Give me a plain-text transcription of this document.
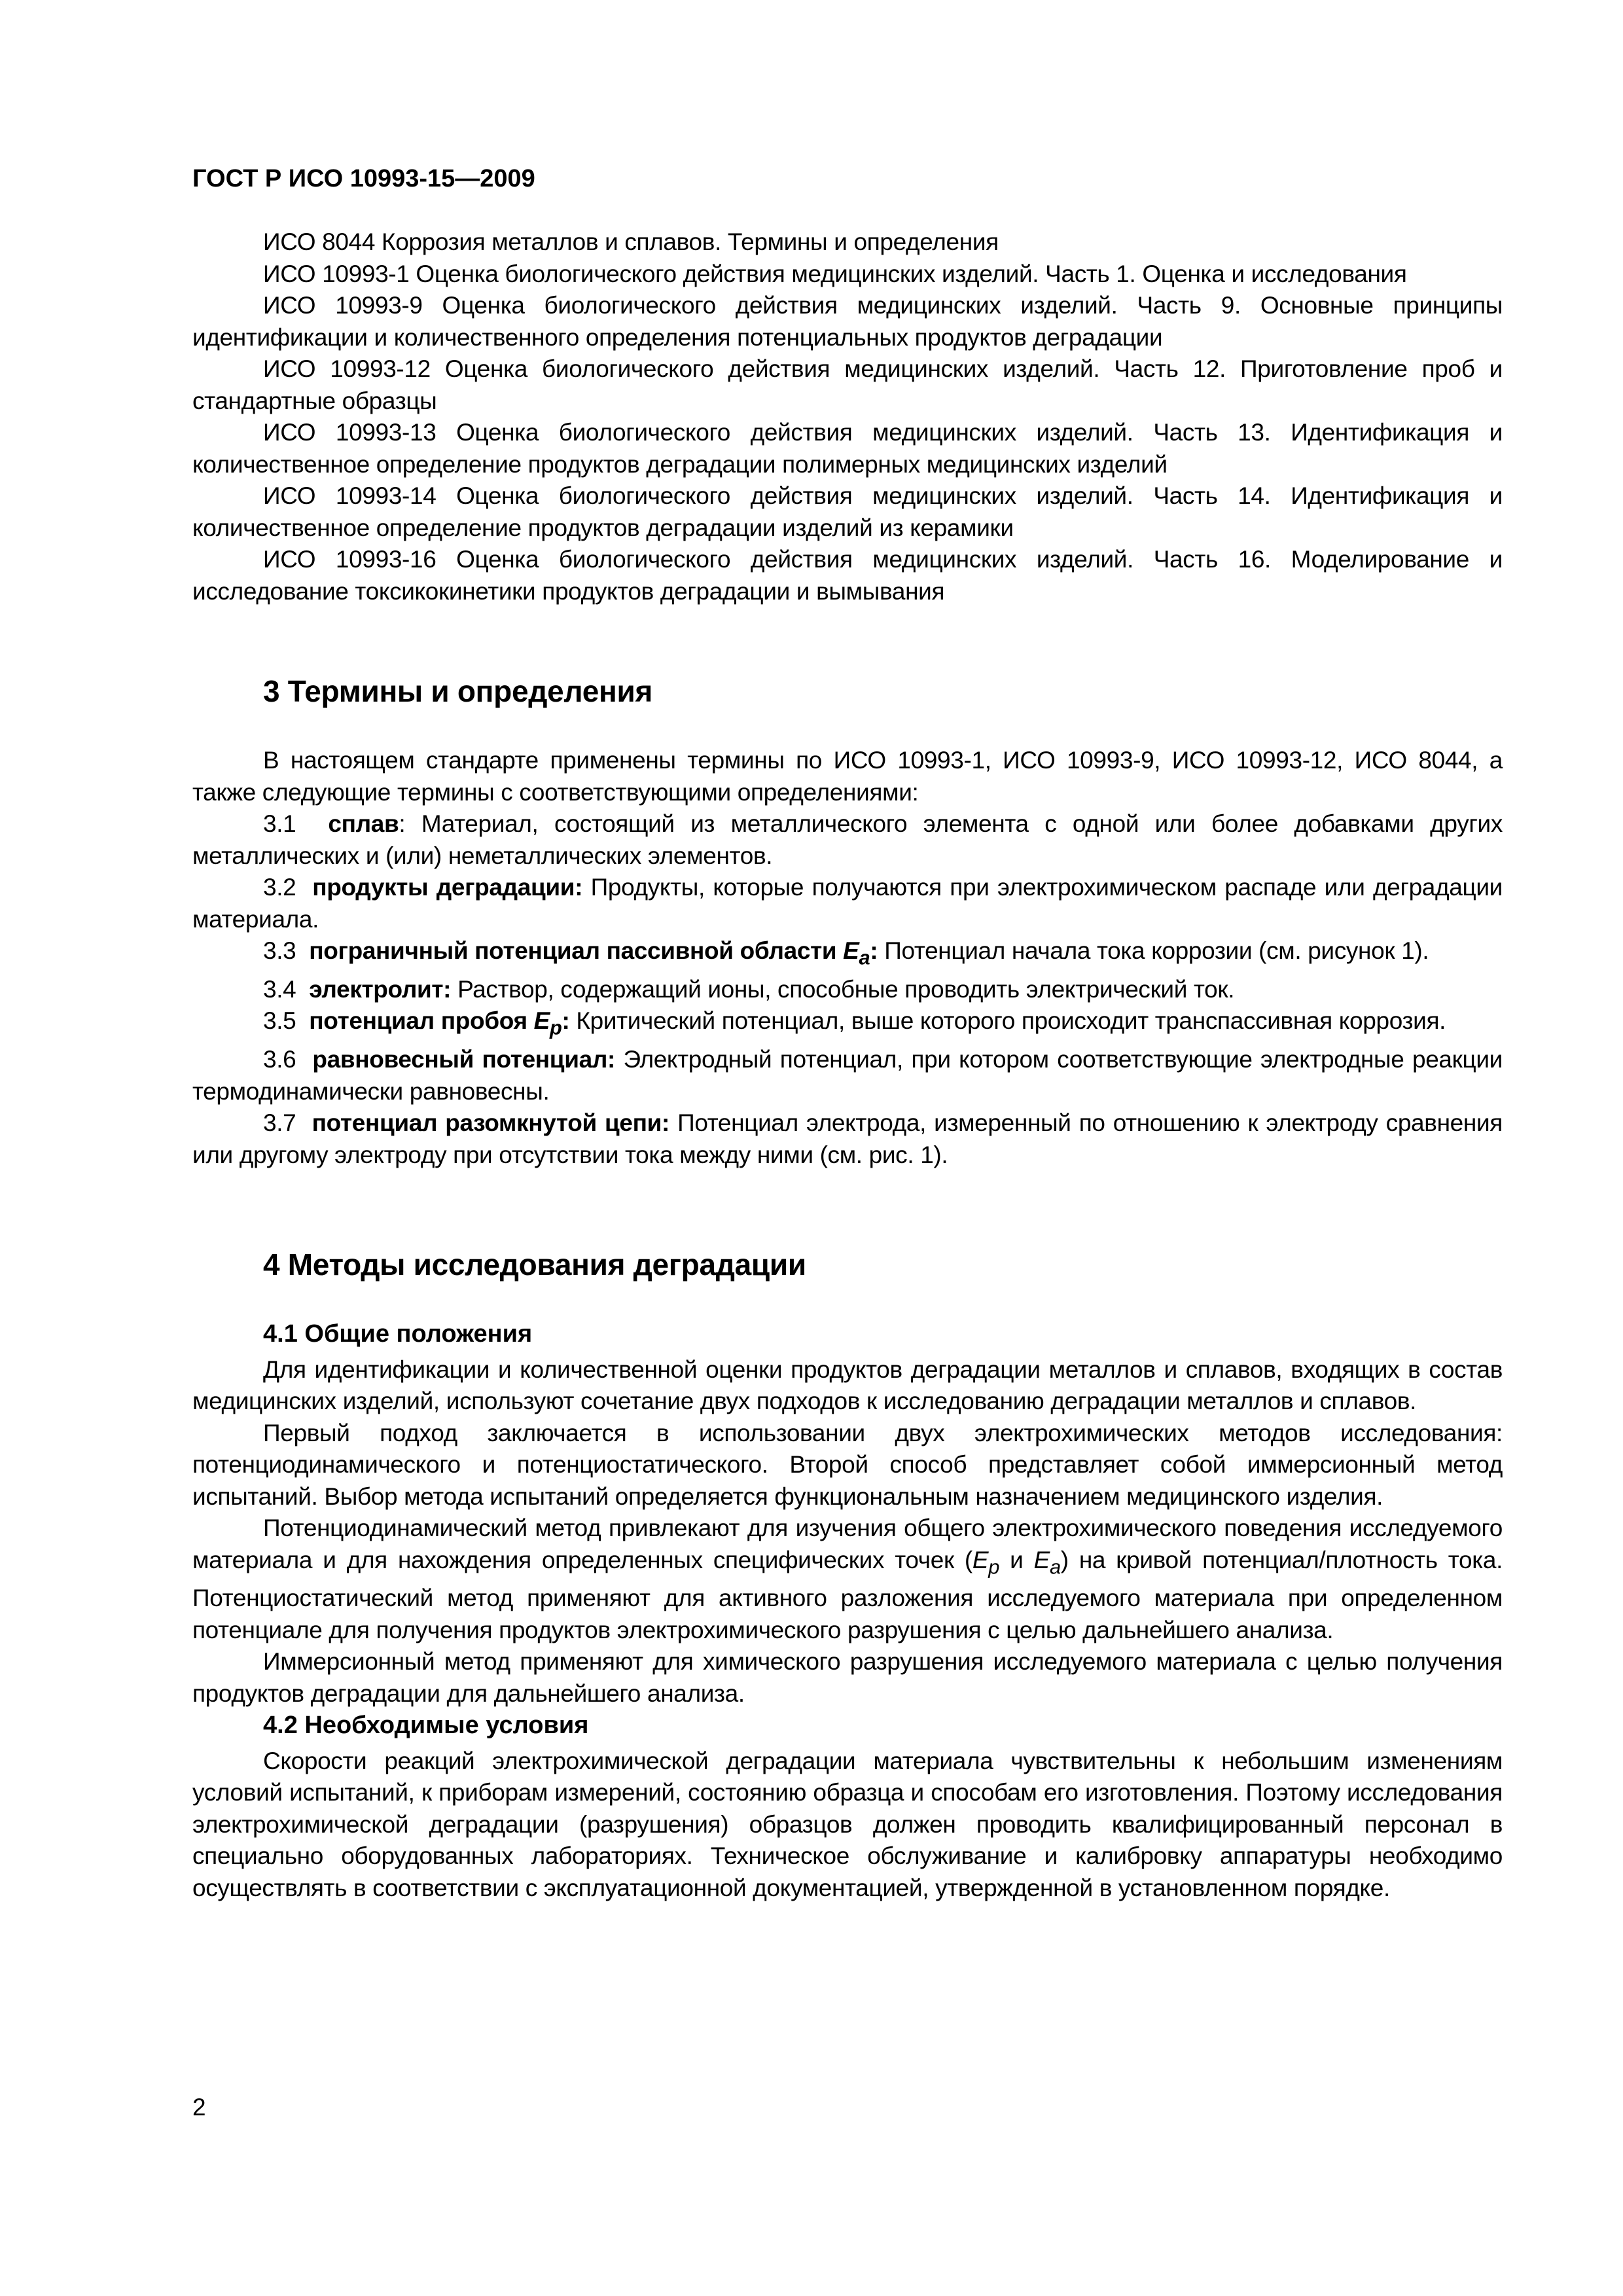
ГОСТ Р ИСО 10993-15—2009

ИСО 8044 Коррозия металлов и сплавов. Термины и определения

ИСО 10993-1 Оценка биологического действия медицинских изделий. Часть 1. Оценка и исследования

ИСО 10993-9 Оценка биологического действия медицинских изделий. Часть 9. Основные принципы идентификации и количественного определения потенциальных продуктов деградации

ИСО 10993-12 Оценка биологического действия медицинских изделий. Часть 12. Приготовление проб и стандартные образцы

ИСО 10993-13 Оценка биологического действия медицинских изделий. Часть 13. Идентификация и количественное определение продуктов деградации полимерных медицинских изделий

ИСО 10993-14 Оценка биологического действия медицинских изделий. Часть 14. Идентификация и количественное определение продуктов деградации изделий из керамики

ИСО 10993-16 Оценка биологического действия медицинских изделий. Часть 16. Моделирование и исследование токсикокинетики продуктов деградации и вымывания

3 Термины и определения

В настоящем стандарте применены термины по ИСО 10993-1, ИСО 10993-9, ИСО 10993-12, ИСО 8044, а также следующие термины с соответствующими определениями:

3.1 сплав: Материал, состоящий из металлического элемента с одной или более добавками других металлических и (или) неметаллических элементов.

3.2 продукты деградации: Продукты, которые получаются при электрохимическом распаде или деградации материала.

3.3 пограничный потенциал пассивной области $E_a$: Потенциал начала тока коррозии (см. рисунок 1).

3.4 электролит: Раствор, содержащий ионы, способные проводить электрический ток.

3.5 потенциал пробоя $E_p$: Критический потенциал, выше которого происходит транспассивная коррозия.

3.6 равновесный потенциал: Электродный потенциал, при котором соответствующие электродные реакции термодинамически равновесны.

3.7 потенциал разомкнутой цепи: Потенциал электрода, измеренный по отношению к электроду сравнения или другому электроду при отсутствии тока между ними (см. рис. 1).

4 Методы исследования деградации
4.1 Общие положения

Для идентификации и количественной оценки продуктов деградации металлов и сплавов, входящих в состав медицинских изделий, используют сочетание двух подходов к исследованию деградации металлов и сплавов.

Первый подход заключается в использовании двух электрохимических методов исследования: потенциодинамического и потенциостатического. Второй способ представляет собой иммерсионный метод испытаний. Выбор метода испытаний определяется функциональным назначением медицинского изделия.

Потенциодинамический метод привлекают для изучения общего электрохимического поведения исследуемого материала и для нахождения определенных специфических точек ($E_p$ и $E_a$) на кривой потенциал/плотность тока. Потенциостатический метод применяют для активного разложения исследуемого материала при определенном потенциале для получения продуктов электрохимического разрушения с целью дальнейшего анализа.

Иммерсионный метод применяют для химического разрушения исследуемого материала с целью получения продуктов деградации для дальнейшего анализа.

4.2 Необходимые условия

Скорости реакций электрохимической деградации материала чувствительны к небольшим изменениям условий испытаний, к приборам измерений, состоянию образца и способам его изготовления. Поэтому исследования электрохимической деградации (разрушения) образцов должен проводить квалифицированный персонал в специально оборудованных лабораториях. Техническое обслуживание и калибровку аппаратуры необходимо осуществлять в соответствии с эксплуатационной документацией, утвержденной в установленном порядке.

2
